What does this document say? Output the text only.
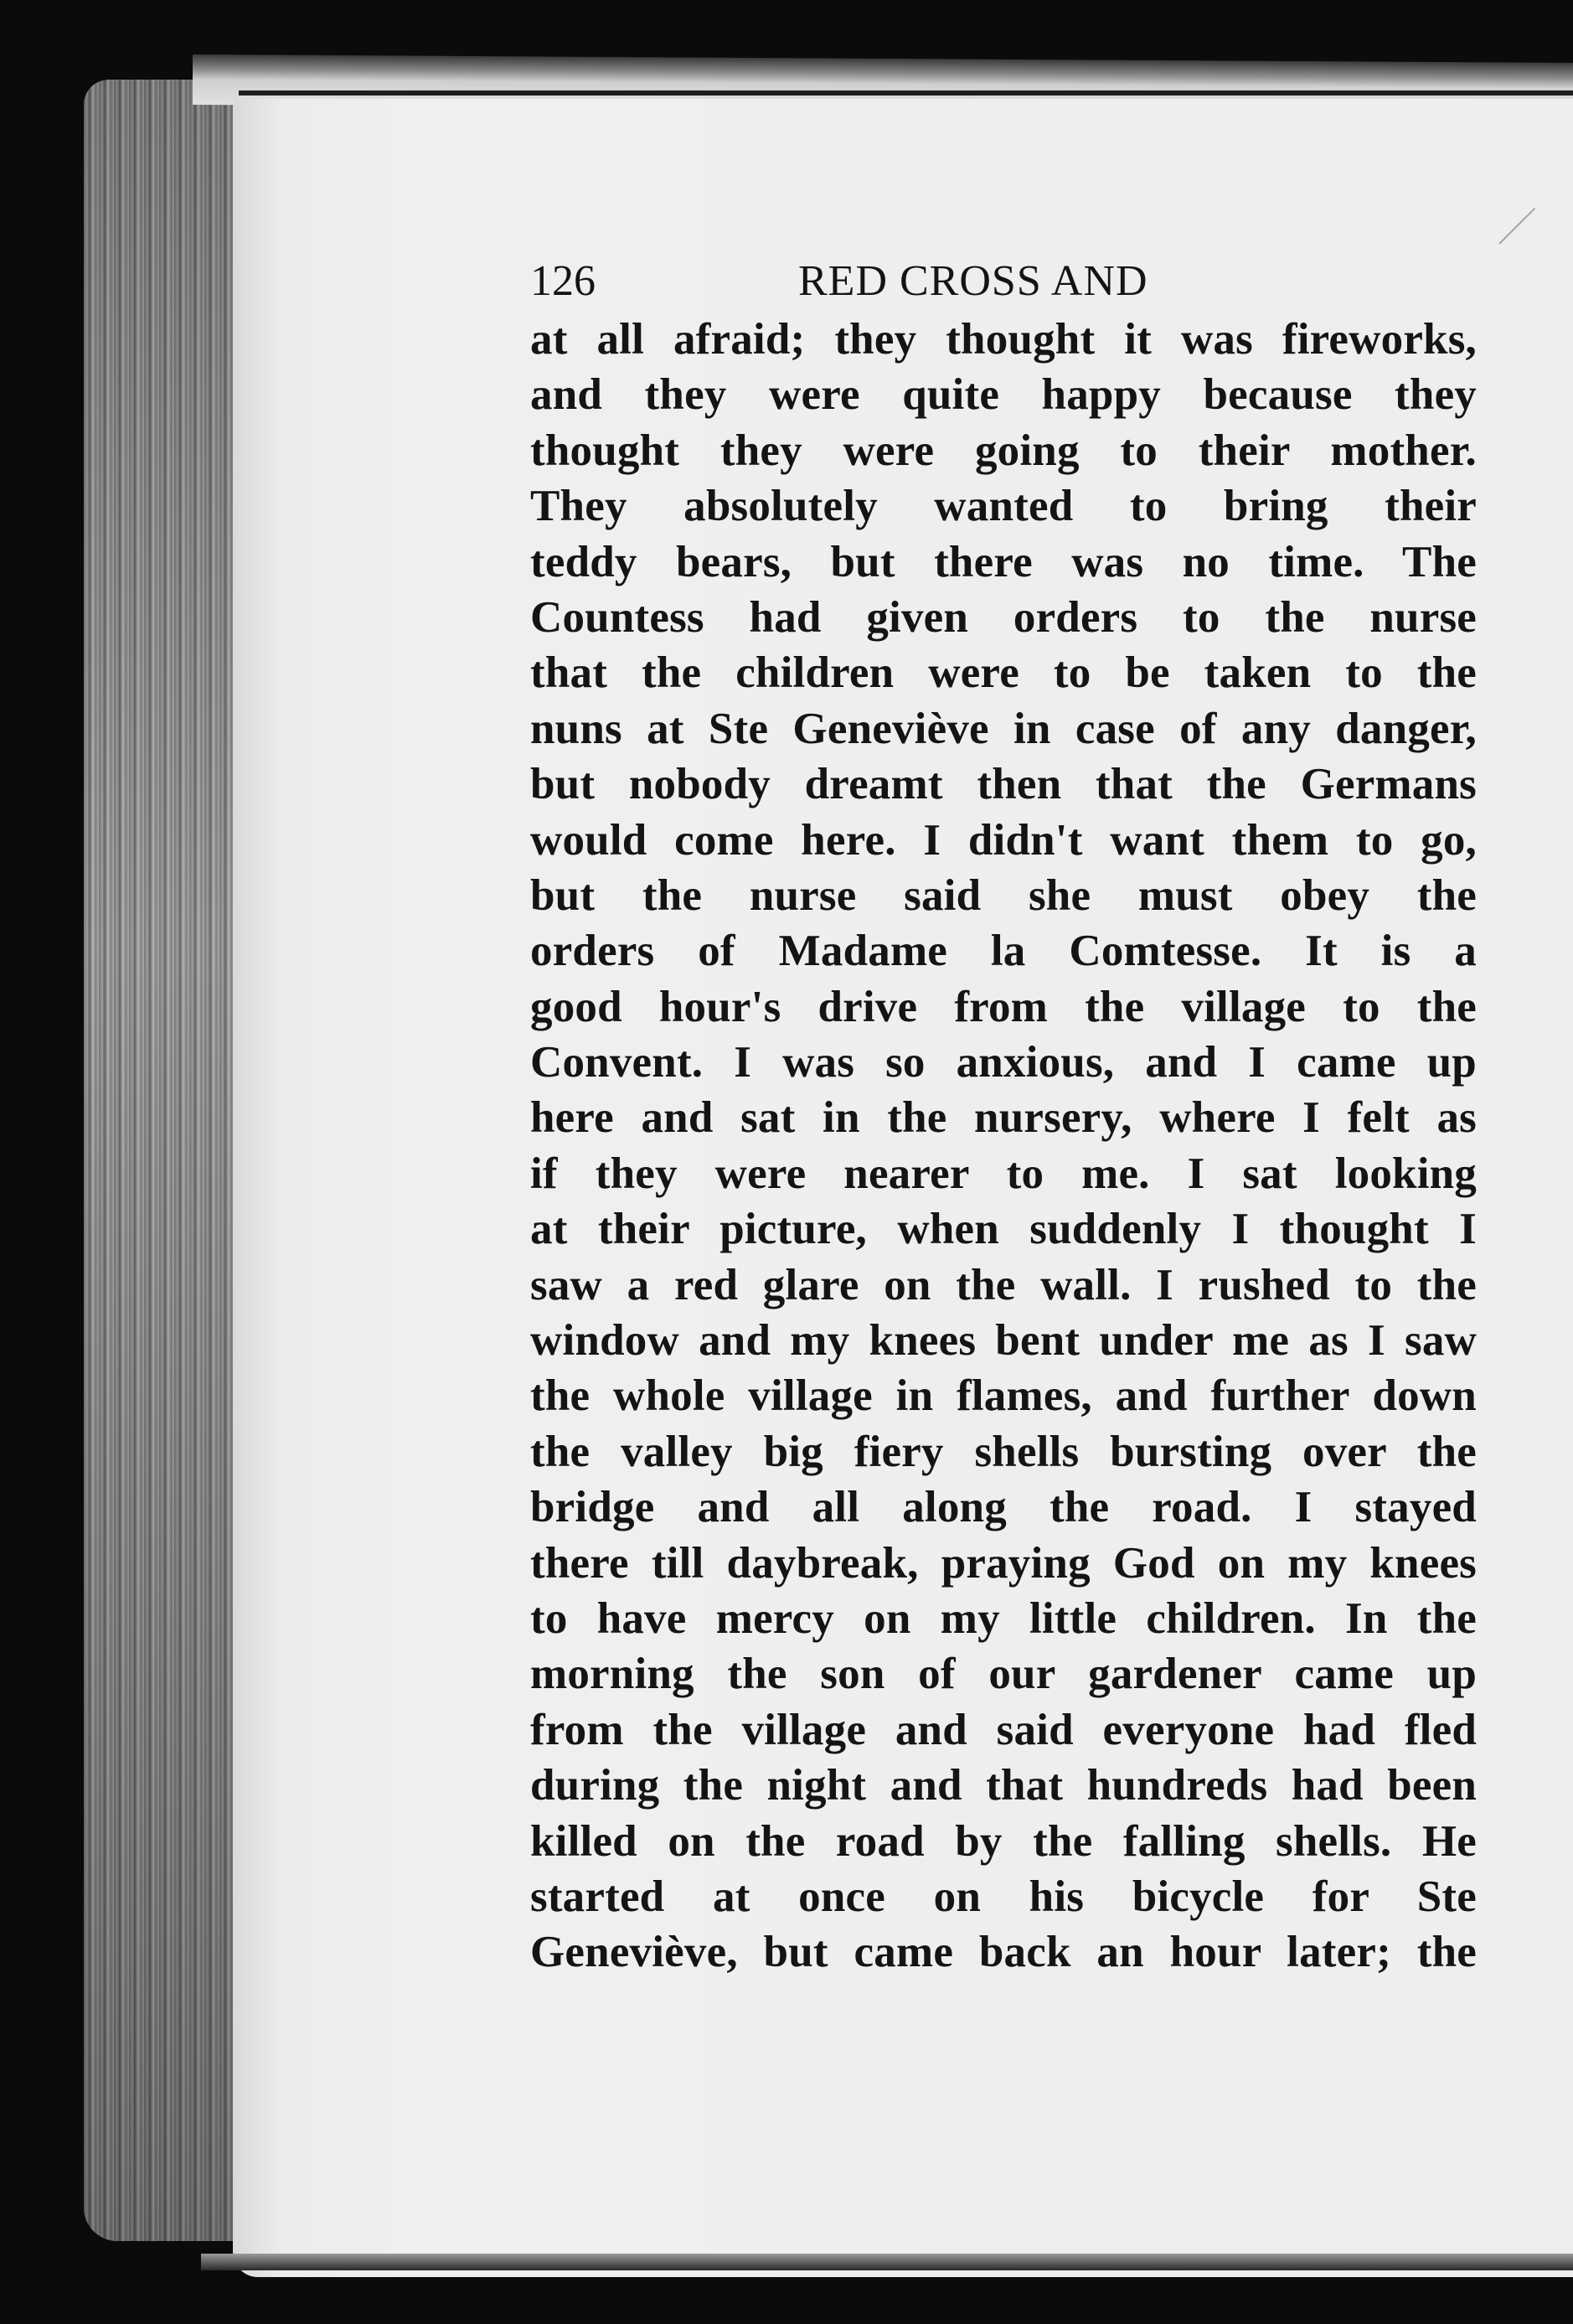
126	RED CROSS AND
at all afraid; they thought it was fireworks,
and they were quite happy because they
thought they were going to their mother.
They absolutely wanted to bring their
teddy bears, but there was no time. The
Countess had given orders to the nurse
that the children were to be taken to the
nuns at Ste Geneviève in case of any danger,
but nobody dreamt then that the Germans
would come here. I didn't want them to go,
but the nurse said she must obey the
orders of Madame la Comtesse. It is a
good hour's drive from the village to the
Convent. I was so anxious, and I came up
here and sat in the nursery, where I felt as
if they were nearer to me. I sat looking
at their picture, when suddenly I thought I
saw a red glare on the wall. I rushed to the
window and my knees bent under me as I saw
the whole village in flames, and further down
the valley big fiery shells bursting over the
bridge and all along the road. I stayed
there till daybreak, praying God on my knees
to have mercy on my little children. In the
morning the son of our gardener came up
from the village and said everyone had fled
during the night and that hundreds had been
killed on the road by the falling shells. He
started at once on his bicycle for Ste
Geneviève, but came back an hour later; the
